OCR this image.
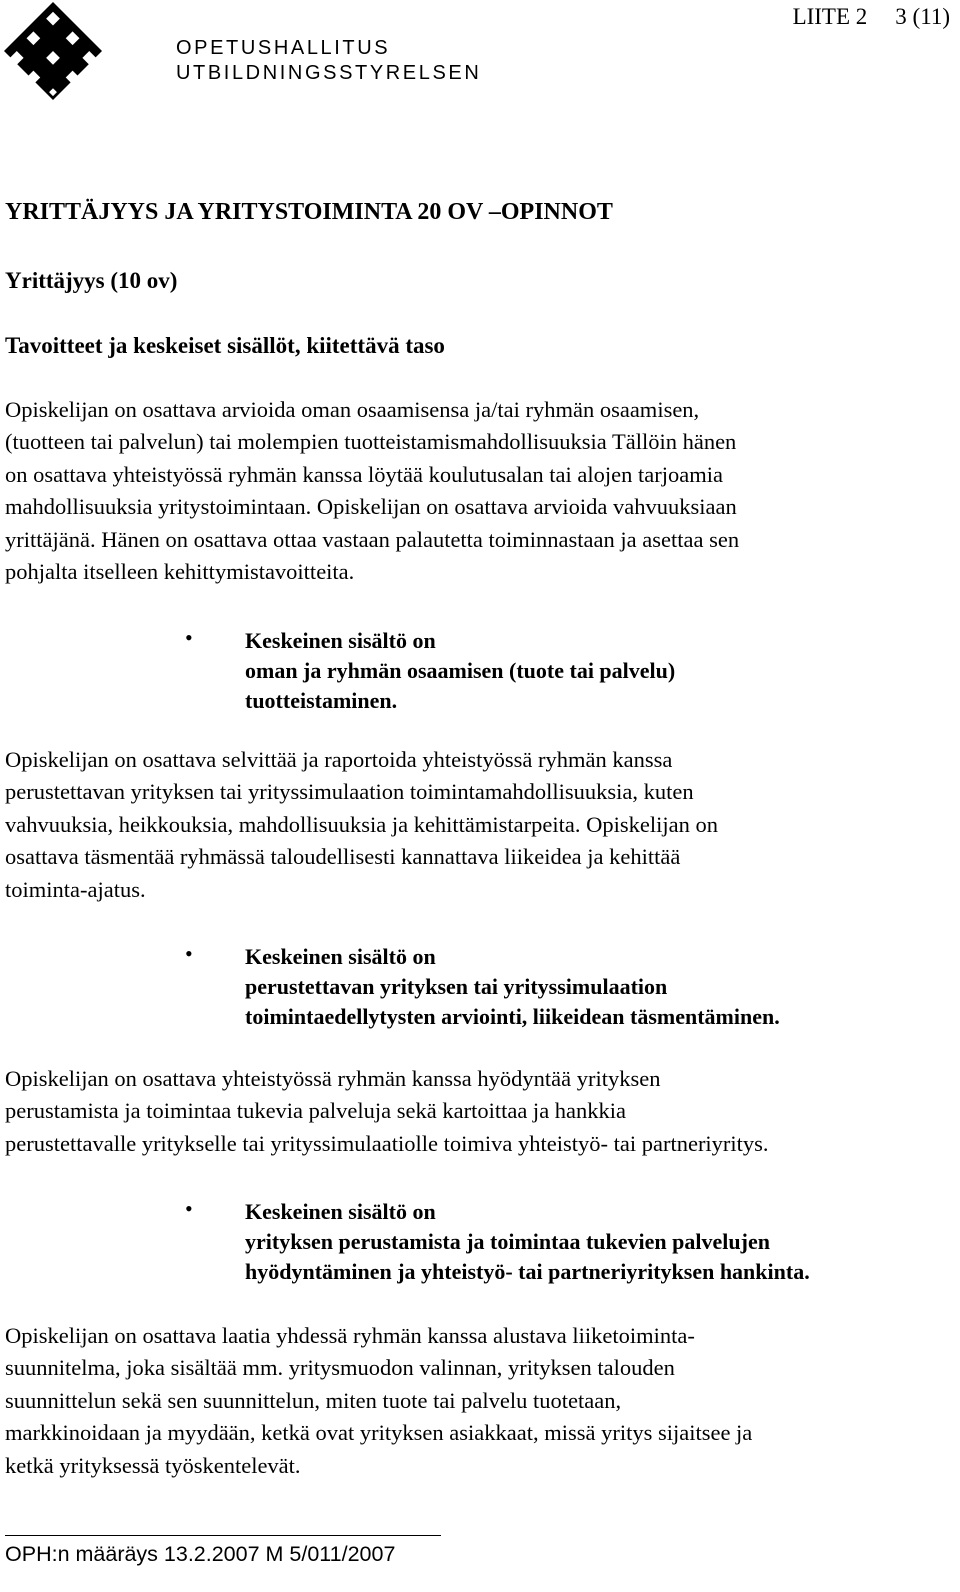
OPETUSHALLITUS
UTBILDNINGSSTYRELSEN
LIITE 2 3 (11)
YRITTÄJYYS JA YRITYSTOIMINTA 20 OV –OPINNOT
Yrittäjyys (10 ov)
Tavoitteet ja keskeiset sisällöt, kiitettävä taso
Opiskelijan on osattava arvioida oman osaamisensa ja/tai ryhmän osaamisen,
(tuotteen tai palvelun) tai molempien tuotteistamismahdollisuuksia Tällöin hänen
on osattava yhteistyössä ryhmän kanssa löytää koulutusalan tai alojen tarjoamia
mahdollisuuksia yritystoimintaan. Opiskelijan on osattava arvioida vahvuuksiaan
yrittäjänä. Hänen on osattava ottaa vastaan palautetta toiminnastaan ja asettaa sen
pohjalta itselleen kehittymistavoitteita.
• Keskeinen sisältö on
oman ja ryhmän osaamisen (tuote tai palvelu)
tuotteistaminen.
Opiskelijan on osattava selvittää ja raportoida yhteistyössä ryhmän kanssa
perustettavan yrityksen tai yrityssimulaation toimintamahdollisuuksia, kuten
vahvuuksia, heikkouksia, mahdollisuuksia ja kehittämistarpeita. Opiskelijan on
osattava täsmentää ryhmässä taloudellisesti kannattava liikeidea ja kehittää
toiminta-ajatus.
• Keskeinen sisältö on
perustettavan yrityksen tai yrityssimulaation
toimintaedellytysten arviointi, liikeidean täsmentäminen.
Opiskelijan on osattava yhteistyössä ryhmän kanssa hyödyntää yrityksen
perustamista ja toimintaa tukevia palveluja sekä kartoittaa ja hankkia
perustettavalle yritykselle tai yrityssimulaatiolle toimiva yhteistyö- tai partneriyritys.
• Keskeinen sisältö on
yrityksen perustamista ja toimintaa tukevien palvelujen
hyödyntäminen ja yhteistyö- tai partneriyrityksen hankinta.
Opiskelijan on osattava laatia yhdessä ryhmän kanssa alustava liiketoiminta-
suunnitelma, joka sisältää mm. yritysmuodon valinnan, yrityksen talouden
suunnittelun sekä sen suunnittelun, miten tuote tai palvelu tuotetaan,
markkinoidaan ja myydään, ketkä ovat yrityksen asiakkaat, missä yritys sijaitsee ja
ketkä yrityksessä työskentelevät.
OPH:n määräys 13.2.2007 M 5/011/2007
